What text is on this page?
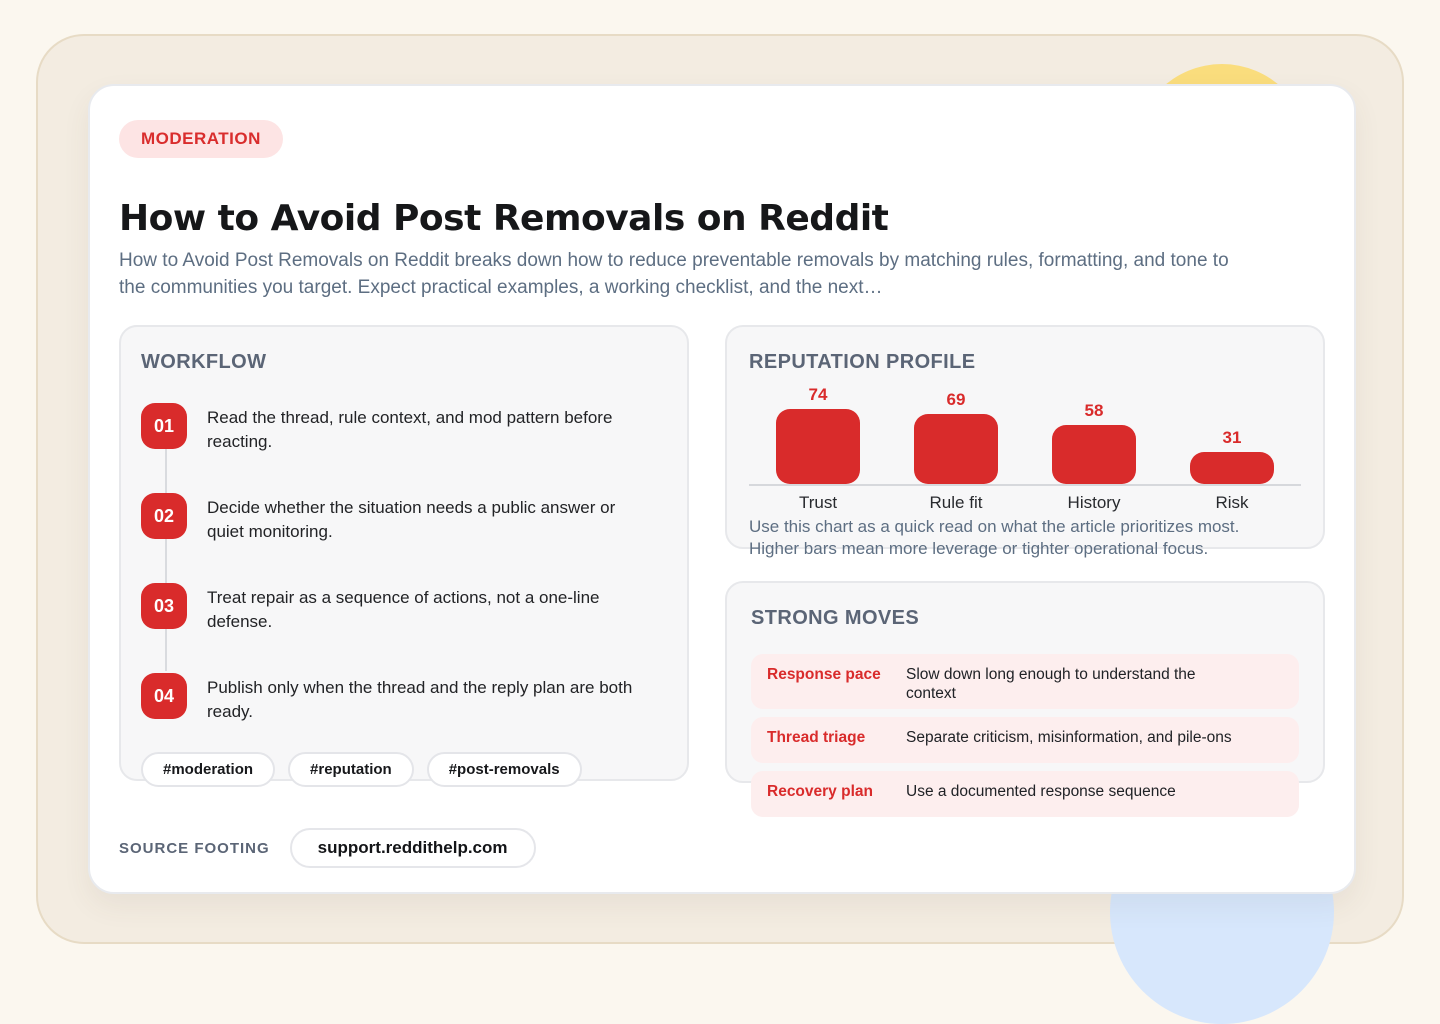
MODERATION
How to Avoid Post Removals on Reddit

How to Avoid Post Removals on Reddit breaks down how to reduce preventable removals by matching rules, formatting, and tone to the communities you target. Expect practical examples, a working checklist, and the next…

WORKFLOW
01	Read the thread, rule context, and mod pattern before reacting.
02	Decide whether the situation needs a public answer or quiet monitoring.
03	Treat repair as a sequence of actions, not a one-line defense.
04	Publish only when the thread and the reply plan are both ready.
#moderation	#reputation	#post-removals
REPUTATION PROFILE
74	69
58
31
Trust	Rule fit	History	Risk
Use this chart as a quick read on what the article prioritizes most.
Higher bars mean more leverage or tighter operational focus.
STRONG MOVES
Response pace	Slow down long enough to understand the context
Thread triage	Separate criticism, misinformation, and pile-ons
Recovery plan	Use a documented response sequence
SOURCE FOOTING	support.reddithelp.com
